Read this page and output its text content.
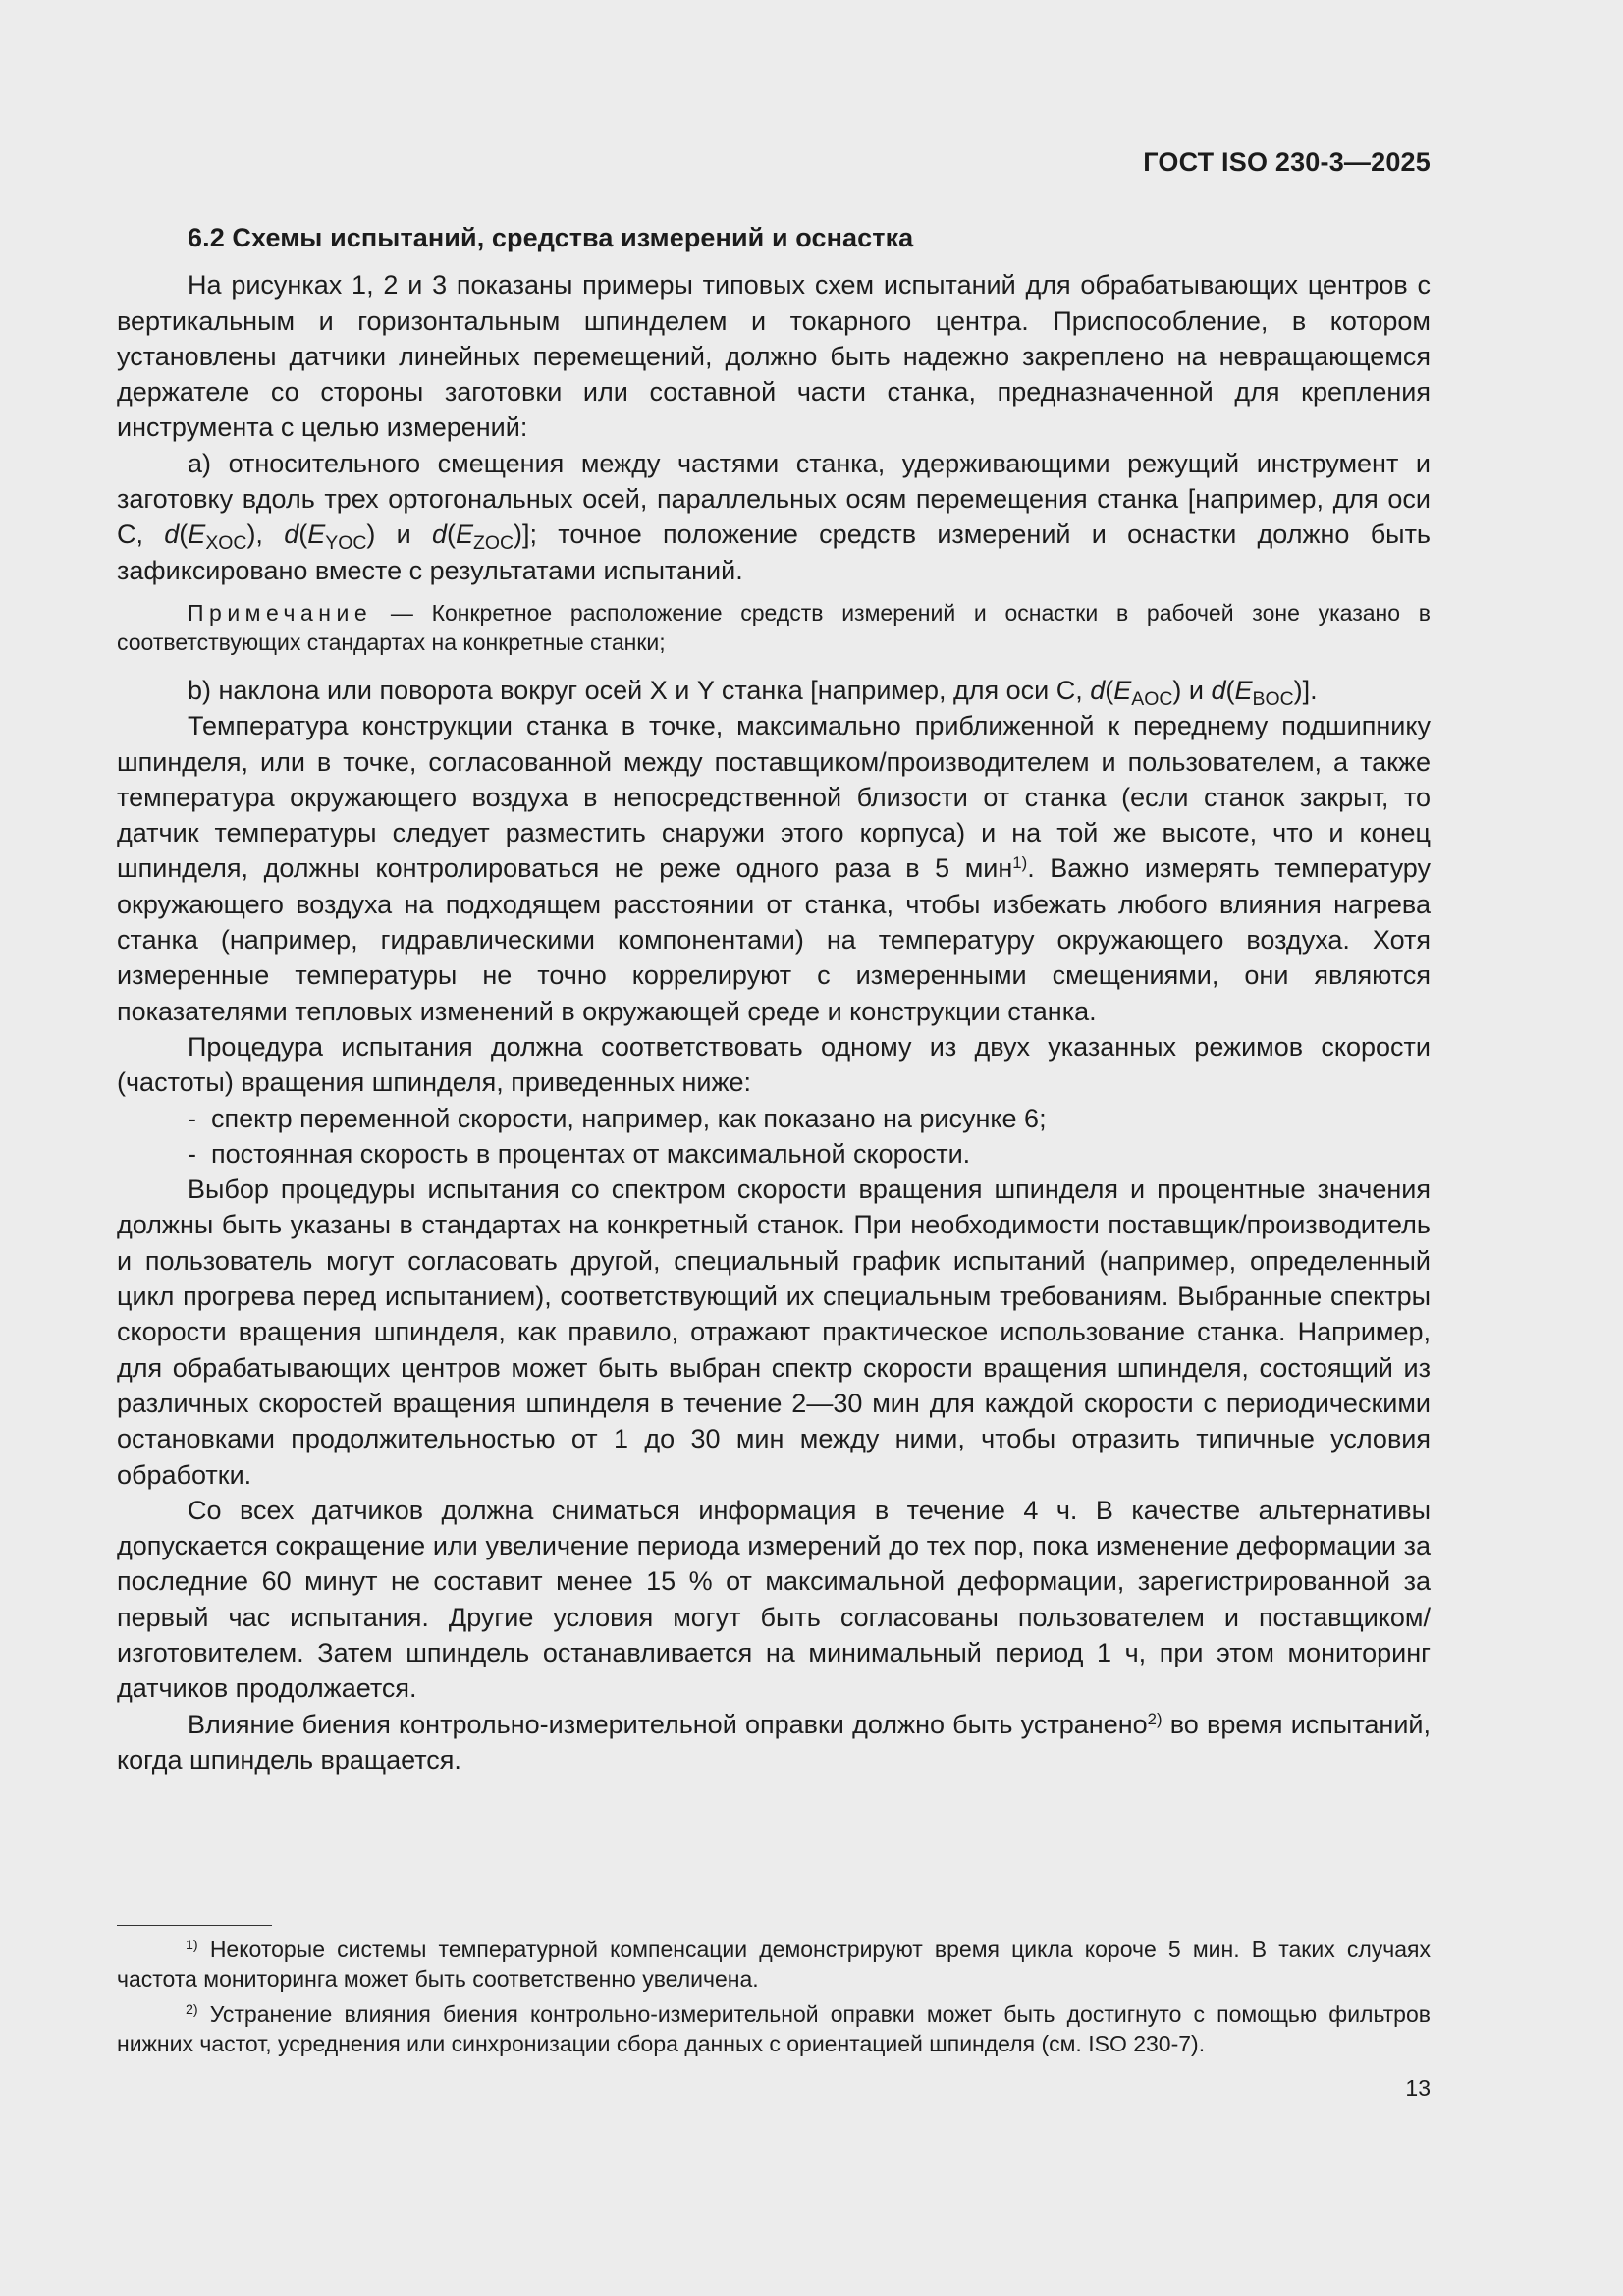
ГОСТ ISO 230-3—2025

6.2 Схемы испытаний, средства измерений и оснастка

На рисунках 1, 2 и 3 показаны примеры типовых схем испытаний для обрабатывающих центров с вертикальным и горизонтальным шпинделем и токарного центра. Приспособление, в котором установлены датчики линейных перемещений, должно быть надежно закреплено на невращающемся держателе со стороны заготовки или составной части станка, предназначенной для крепления инструмента с целью измерений:

а) относительного смещения между частями станка, удерживающими режущий инструмент и заготовку вдоль трех ортогональных осей, параллельных осям перемещения станка [например, для оси C, $d(E_{XOC})$, $d(E_{YOC})$ и $d(E_{ZOC})$]; точное положение средств измерений и оснастки должно быть зафиксировано вместе с результатами испытаний.

Примечание — Конкретное расположение средств измерений и оснастки в рабочей зоне указано в соответствующих стандартах на конкретные станки;

b) наклона или поворота вокруг осей X и Y станка [например, для оси C, $d(E_{AOC})$ и $d(E_{BOC})$].

Температура конструкции станка в точке, максимально приближенной к переднему подшипнику шпинделя, или в точке, согласованной между поставщиком/производителем и пользователем, а также температура окружающего воздуха в непосредственной близости от станка (если станок закрыт, то датчик температуры следует разместить снаружи этого корпуса) и на той же высоте, что и конец шпинделя, должны контролироваться не реже одного раза в 5 мин$^{1)}$. Важно измерять температуру окружающего воздуха на подходящем расстоянии от станка, чтобы избежать любого влияния нагрева станка (например, гидравлическими компонентами) на температуру окружающего воздуха. Хотя измеренные температуры не точно коррелируют с измеренными смещениями, они являются показателями тепловых изменений в окружающей среде и конструкции станка.

Процедура испытания должна соответствовать одному из двух указанных режимов скорости (частоты) вращения шпинделя, приведенных ниже:

- спектр переменной скорости, например, как показано на рисунке 6;

- постоянная скорость в процентах от максимальной скорости.

Выбор процедуры испытания со спектром скорости вращения шпинделя и процентные значения должны быть указаны в стандартах на конкретный станок. При необходимости поставщик/производитель и пользователь могут согласовать другой, специальный график испытаний (например, определенный цикл прогрева перед испытанием), соответствующий их специальным требованиям. Выбранные спектры скорости вращения шпинделя, как правило, отражают практическое использование станка. Например, для обрабатывающих центров может быть выбран спектр скорости вращения шпинделя, состоящий из различных скоростей вращения шпинделя в течение 2—30 мин для каждой скорости с периодическими остановками продолжительностью от 1 до 30 мин между ними, чтобы отразить типичные условия обработки.

Со всех датчиков должна сниматься информация в течение 4 ч. В качестве альтернативы допускается сокращение или увеличение периода измерений до тех пор, пока изменение деформации за последние 60 минут не составит менее 15 % от максимальной деформации, зарегистрированной за первый час испытания. Другие условия могут быть согласованы пользователем и поставщиком/изготовителем. Затем шпиндель останавливается на минимальный период 1 ч, при этом мониторинг датчиков продолжается.

Влияние биения контрольно-измерительной оправки должно быть устранено$^{2)}$ во время испытаний, когда шпиндель вращается.

$^{1)}$ Некоторые системы температурной компенсации демонстрируют время цикла короче 5 мин. В таких случаях частота мониторинга может быть соответственно увеличена.

$^{2)}$ Устранение влияния биения контрольно-измерительной оправки может быть достигнуто с помощью фильтров нижних частот, усреднения или синхронизации сбора данных с ориентацией шпинделя (см. ISO 230-7).

13
